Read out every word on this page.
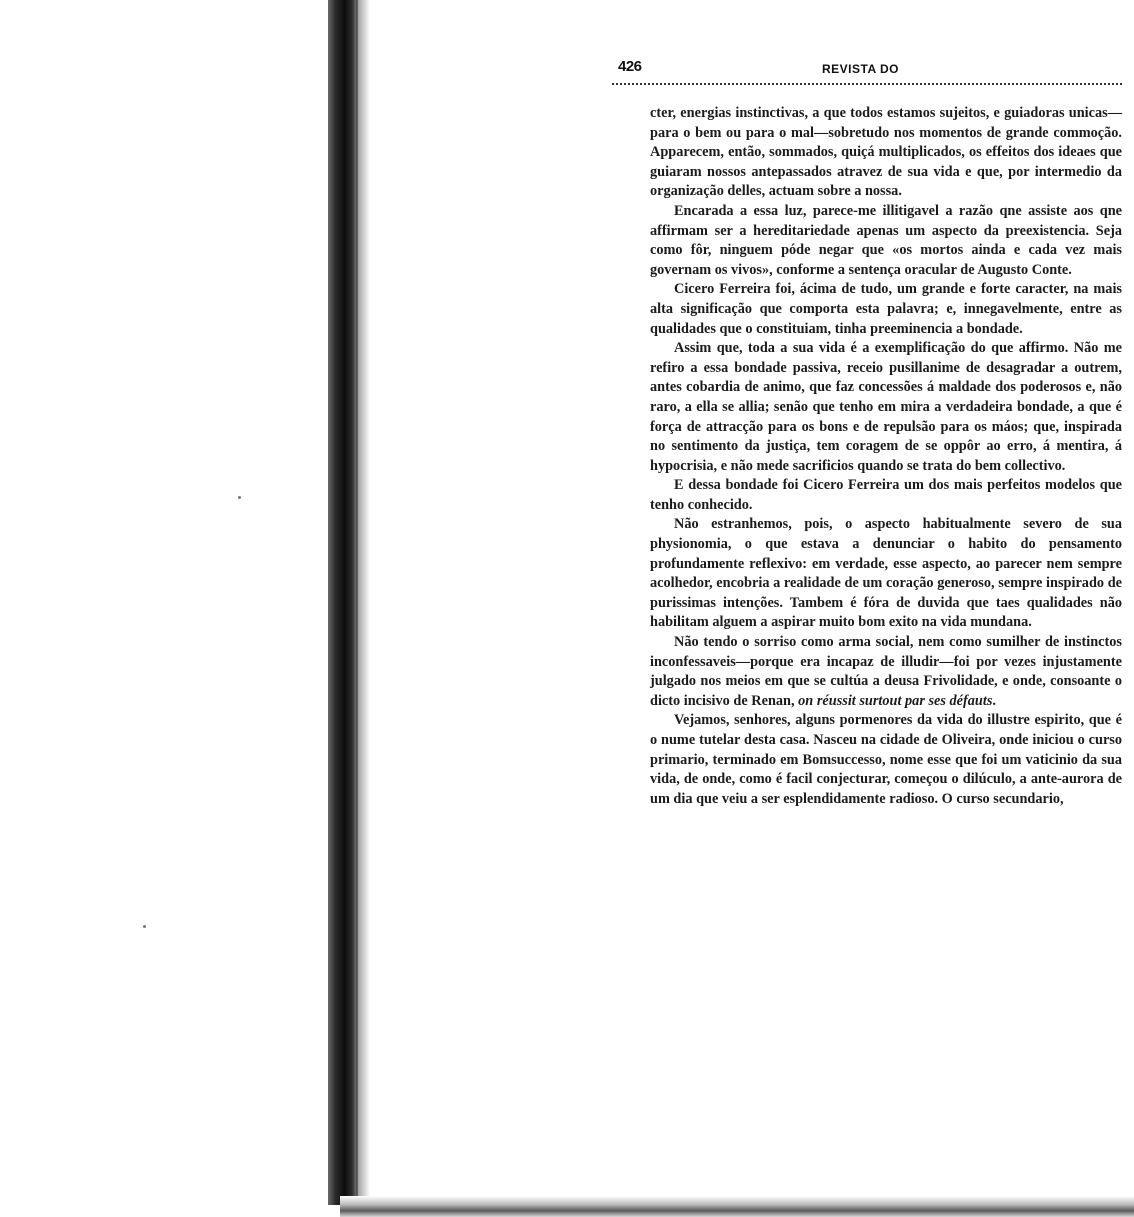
426	REVISTA DO

cter, energias instinctivas, a que todos estamos sujeitos, e guiadoras unicas—para o bem ou para o mal—sobretudo nos momentos de grande commoção. Apparecem, então, sommados, quiçá multiplicados, os effeitos dos ideaes que guiaram nossos antepassados atravez de sua vida e que, por intermedio da organização delles, actuam sobre a nossa.

Encarada a essa luz, parece-me illitigavel a razão qne assiste aos qne affirmam ser a hereditariedade apenas um aspecto da preexistencia. Seja como fôr, ninguem póde negar que «os mortos ainda e cada vez mais governam os vivos», conforme a sentença oracular de Augusto Conte.

Cicero Ferreira foi, ácima de tudo, um grande e forte caracter, na mais alta significação que comporta esta palavra; e, innegavelmente, entre as qualidades que o constituiam, tinha preeminencia a bondade.

Assim que, toda a sua vida é a exemplificação do que affirmo. Não me refiro a essa bondade passiva, receio pusillanime de desagradar a outrem, antes cobardia de animo, que faz concessões á maldade dos poderosos e, não raro, a ella se allia; senão que tenho em mira a verdadeira bondade, a que é força de attracção para os bons e de repulsão para os máos; que, inspirada no sentimento da justiça, tem coragem de se oppôr ao erro, á mentira, á hypocrisia, e não mede sacrificios quando se trata do bem collectivo.

E dessa bondade foi Cicero Ferreira um dos mais perfeitos modelos que tenho conhecido.

Não estranhemos, pois, o aspecto habitualmente severo de sua physionomia, o que estava a denunciar o habito do pensamento profundamente reflexivo: em verdade, esse aspecto, ao parecer nem sempre acolhedor, encobria a realidade de um coração generoso, sempre inspirado de purissimas intenções. Tambem é fóra de duvida que taes qualidades não habilitam alguem a aspirar muito bom exito na vida mundana.

Não tendo o sorriso como arma social, nem como sumilher de instinctos inconfessaveis—porque era incapaz de illudir—foi por vezes injustamente julgado nos meios em que se cultúa a deusa Frivolidade, e onde, consoante o dicto incisivo de Renan, on réussit surtout par ses défauts.

Vejamos, senhores, alguns pormenores da vida do illustre espirito, que é o nume tutelar desta casa. Nasceu na cidade de Oliveira, onde iniciou o curso primario, terminado em Bomsuccesso, nome esse que foi um vaticinio da sua vida, de onde, como é facil conjecturar, começou o dilúculo, a ante-aurora de um dia que veiu a ser esplendidamente radioso. O curso secundario,
